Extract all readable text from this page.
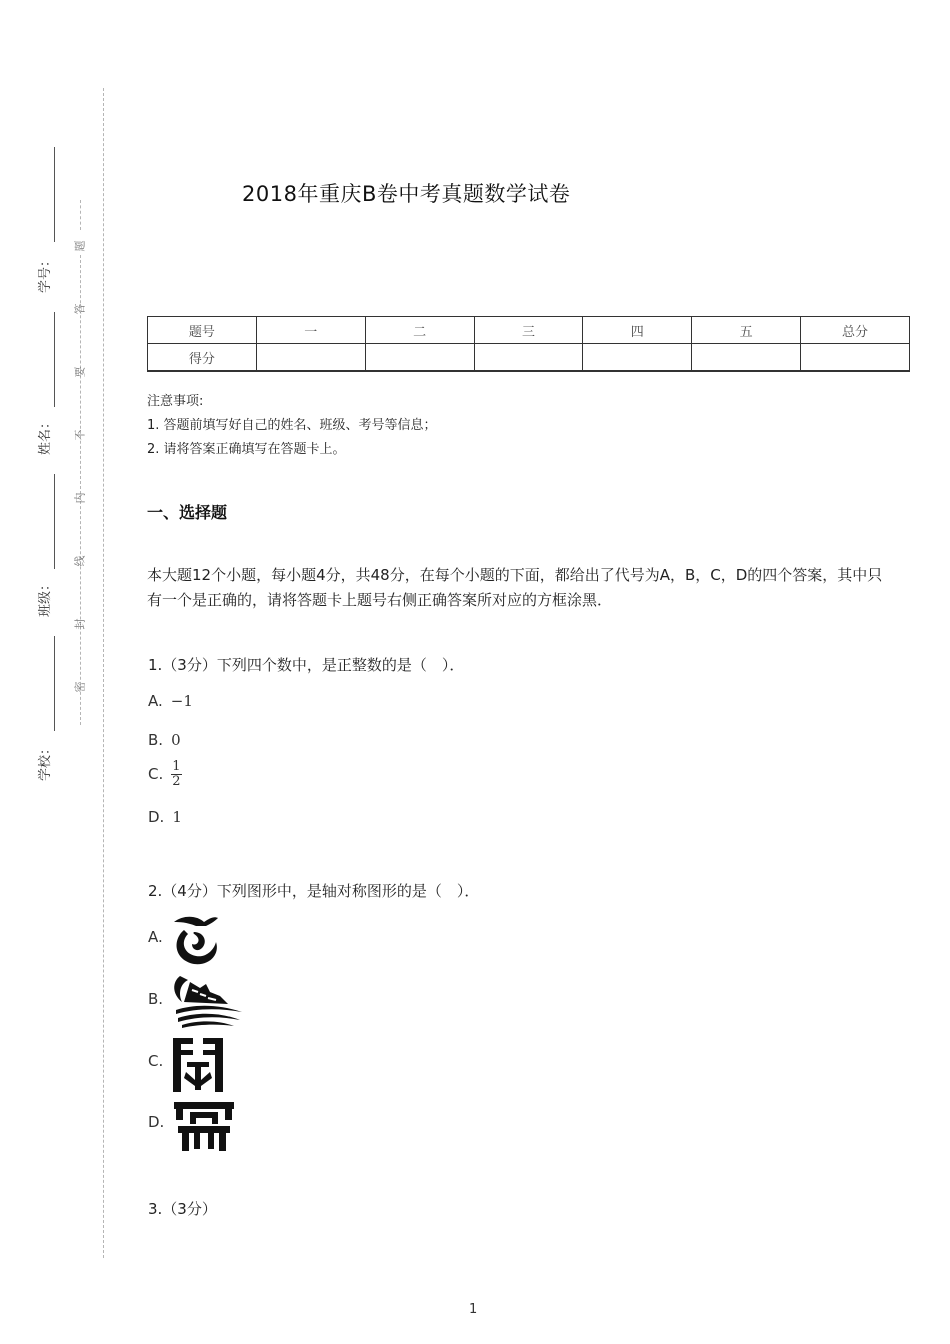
学号：
姓名：
班级：
学校：
题
答
要
不
内
线
封
密
2018年重庆B卷中考真题数学试卷
题号	一	二	三	四	五	总分
得分						
注意事项:
1. 答题前填写好自己的姓名、班级、考号等信息；
2. 请将答案正确填写在答题卡上。
一、选择题
本大题12个小题，每小题4分，共48分，在每个小题的下面，都给出了代号为A，B，C，D的四个答案，其中只有一个是正确的，请将答题卡上题号右侧正确答案所对应的方框涂黑．
1.（3分）下列四个数中，是正整数的是（　）．
A. −1
B. 0
C. $\frac{1}{2}$
D. 1
2.（4分）下列图形中，是轴对称图形的是（　）．
A.
B.
C.
D.
3.（3分）
1
